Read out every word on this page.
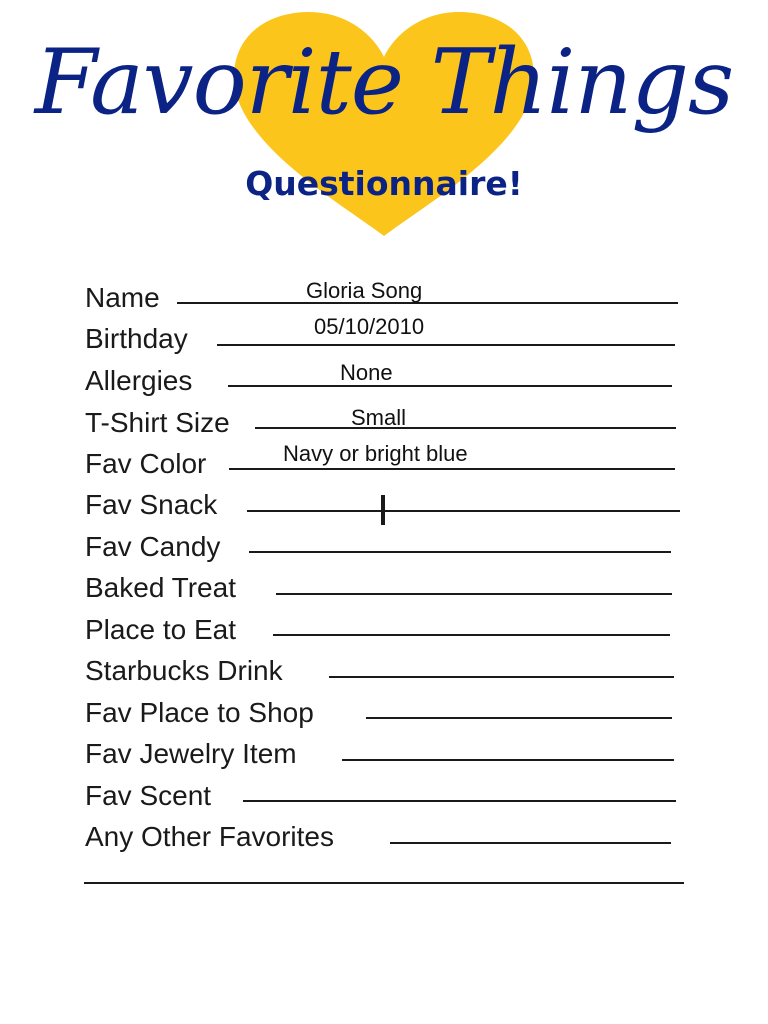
Favorite Things
Questionnaire!
Name	Gloria Song
Birthday	05/10/2010
Allergies	None
T-Shirt Size	Small
Fav Color	Navy or bright blue
Fav Snack
Fav Candy
Baked Treat
Place to Eat
Starbucks Drink
Fav Place to Shop
Fav Jewelry Item
Fav Scent
Any Other Favorites
